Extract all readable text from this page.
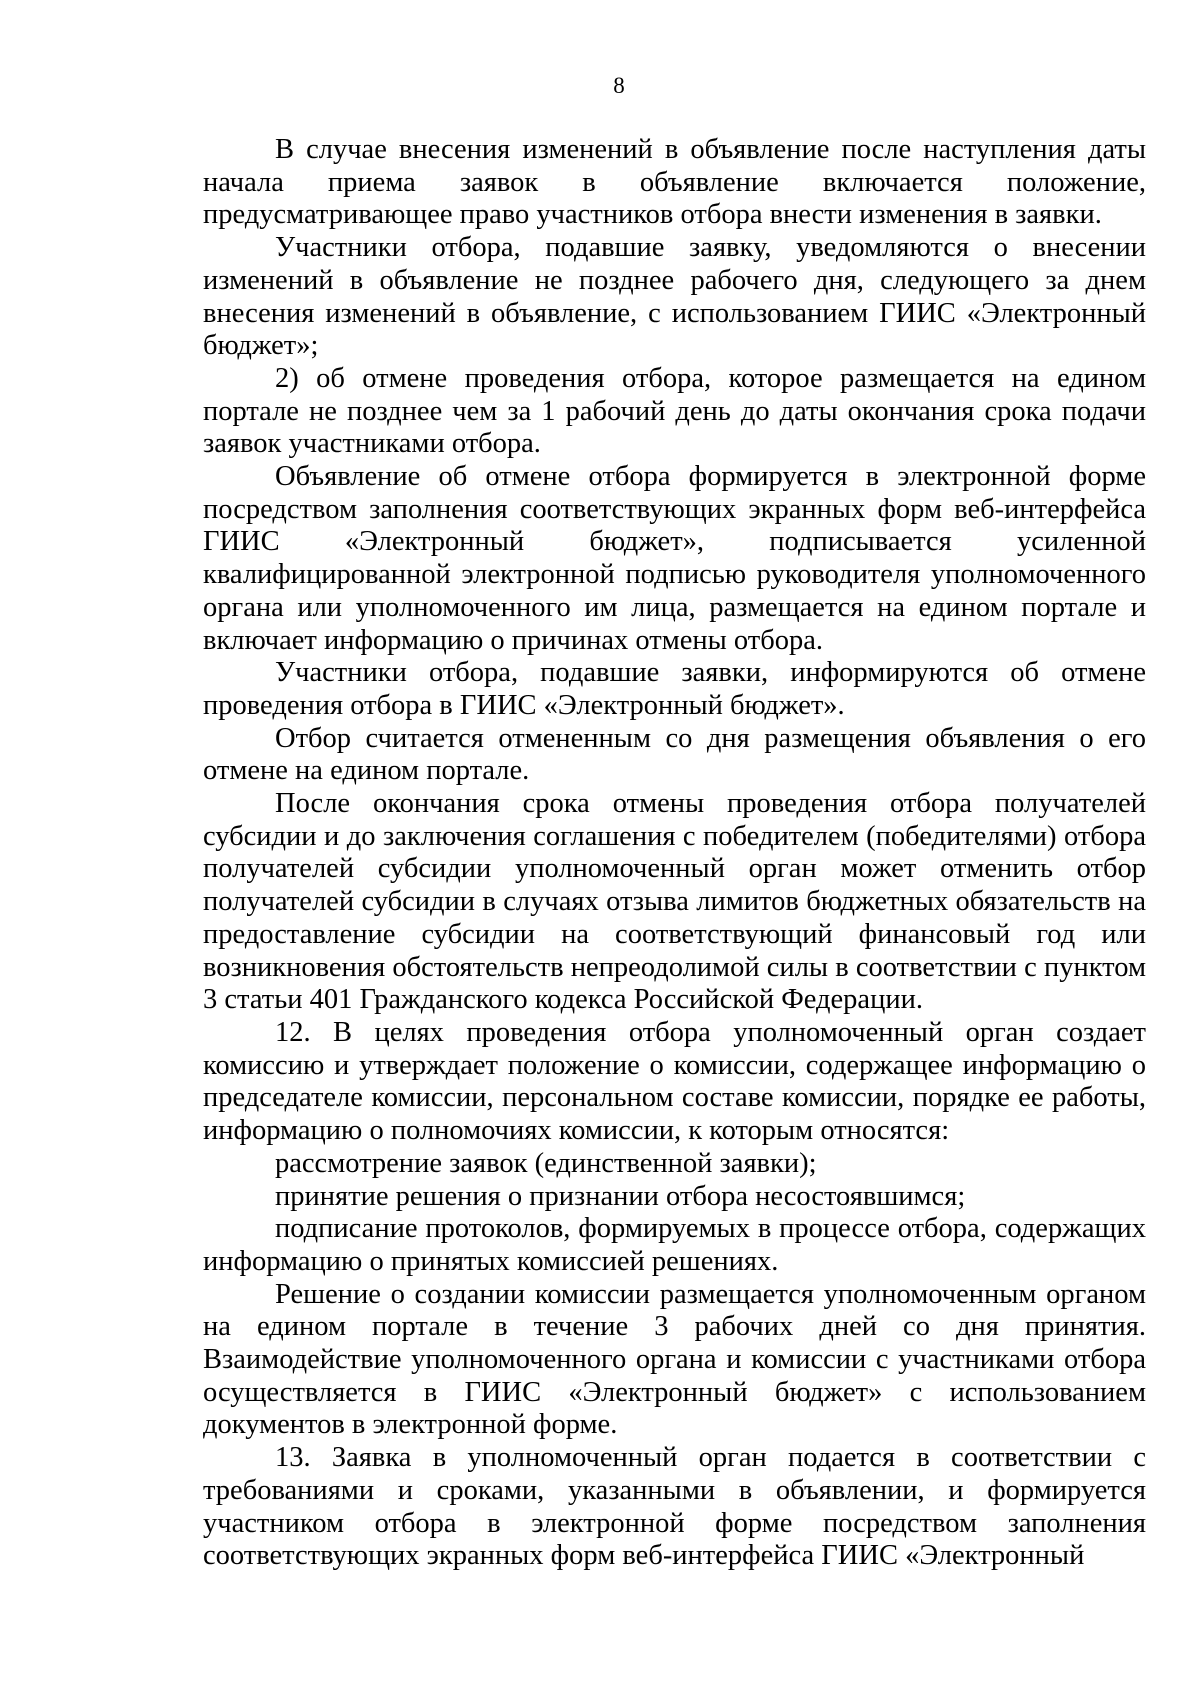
8

В случае внесения изменений в объявление после наступления даты начала приема заявок в объявление включается положение, предусматривающее право участников отбора внести изменения в заявки.

Участники отбора, подавшие заявку, уведомляются о внесении изменений в объявление не позднее рабочего дня, следующего за днем внесения изменений в объявление, с использованием ГИИС «Электронный бюджет»;

2) об отмене проведения отбора, которое размещается на едином портале не позднее чем за 1 рабочий день до даты окончания срока подачи заявок участниками отбора.

Объявление об отмене отбора формируется в электронной форме посредством заполнения соответствующих экранных форм веб-интерфейса ГИИС «Электронный бюджет», подписывается усиленной квалифицированной электронной подписью руководителя уполномоченного органа или уполномоченного им лица, размещается на едином портале и включает информацию о причинах отмены отбора.

Участники отбора, подавшие заявки, информируются об отмене проведения отбора в ГИИС «Электронный бюджет».

Отбор считается отмененным со дня размещения объявления о его отмене на едином портале.

После окончания срока отмены проведения отбора получателей субсидии и до заключения соглашения с победителем (победителями) отбора получателей субсидии уполномоченный орган может отменить отбор получателей субсидии в случаях отзыва лимитов бюджетных обязательств на предоставление субсидии на соответствующий финансовый год или возникновения обстоятельств непреодолимой силы в соответствии с пунктом 3 статьи 401 Гражданского кодекса Российской Федерации.

12. В целях проведения отбора уполномоченный орган создает комиссию и утверждает положение о комиссии, содержащее информацию о председателе комиссии, персональном составе комиссии, порядке ее работы, информацию о полномочиях комиссии, к которым относятся:

рассмотрение заявок (единственной заявки);

принятие решения о признании отбора несостоявшимся;

подписание протоколов, формируемых в процессе отбора, содержащих информацию о принятых комиссией решениях.

Решение о создании комиссии размещается уполномоченным органом на едином портале в течение 3 рабочих дней со дня принятия. Взаимодействие уполномоченного органа и комиссии с участниками отбора осуществляется в ГИИС «Электронный бюджет» с использованием документов в электронной форме.

13. Заявка в уполномоченный орган подается в соответствии с требованиями и сроками, указанными в объявлении, и формируется участником отбора в электронной форме посредством заполнения соответствующих экранных форм веб-интерфейса ГИИС «Электронный
